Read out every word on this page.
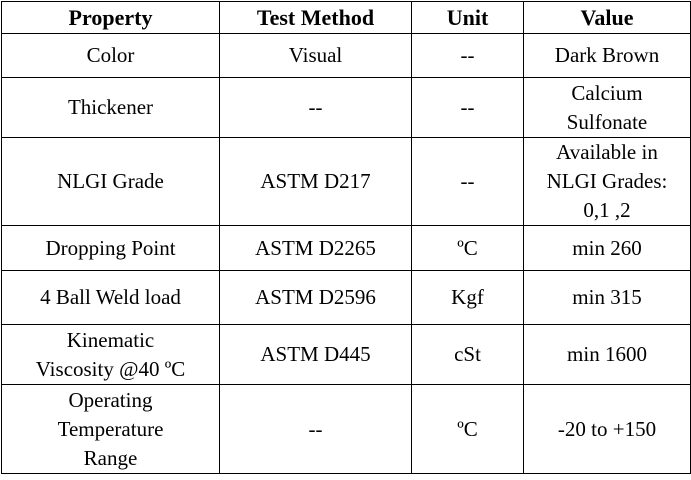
Property	Test Method	Unit	Value
Color	Visual	--	Dark Brown
Thickener	--	--	Calcium
Sulfonate

NLGI Grade	ASTM D217	--	Available in
NLGI Grades:
0,1 ,2

Dropping Point	ASTM D2265	ºC	min 260
4 Ball Weld load	ASTM D2596	Kgf	min 315

Kinematic
Viscosity @40 ºC	ASTM D445	cSt	min 1600

Operating
Temperature
Range	--	ºC	-20 to +150
